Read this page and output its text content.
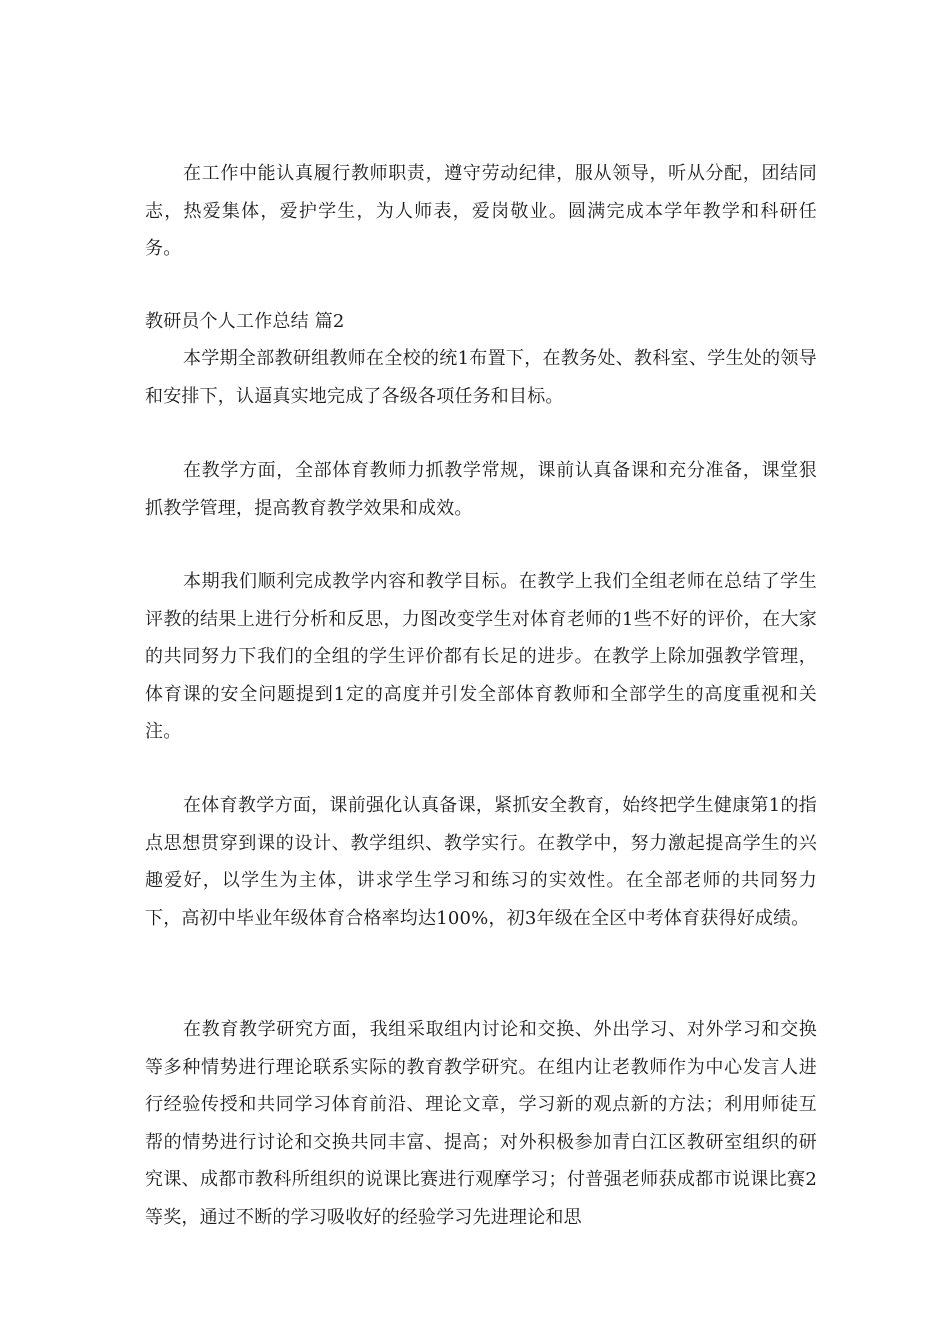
在工作中能认真履行教师职责，遵守劳动纪律，服从领导，听从分配，团结同志，热爱集体，爱护学生，为人师表，爱岗敬业。圆满完成本学年教学和科研任务。

教研员个人工作总结 篇2

本学期全部教研组教师在全校的统1布置下，在教务处、教科室、学生处的领导和安排下，认逼真实地完成了各级各项任务和目标。

在教学方面，全部体育教师力抓教学常规，课前认真备课和充分准备，课堂狠抓教学管理，提高教育教学效果和成效。

本期我们顺利完成教学内容和教学目标。在教学上我们全组老师在总结了学生评教的结果上进行分析和反思，力图改变学生对体育老师的1些不好的评价，在大家的共同努力下我们的全组的学生评价都有长足的进步。在教学上除加强教学管理，体育课的安全问题提到1定的高度并引发全部体育教师和全部学生的高度重视和关注。

在体育教学方面，课前强化认真备课，紧抓安全教育，始终把学生健康第1的指点思想贯穿到课的设计、教学组织、教学实行。在教学中，努力激起提高学生的兴趣爱好，以学生为主体，讲求学生学习和练习的实效性。在全部老师的共同努力下，高初中毕业年级体育合格率均达100%，初3年级在全区中考体育获得好成绩。

在教育教学研究方面，我组采取组内讨论和交换、外出学习、对外学习和交换等多种情势进行理论联系实际的教育教学研究。在组内让老教师作为中心发言人进行经验传授和共同学习体育前沿、理论文章，学习新的观点新的方法；利用师徒互帮的情势进行讨论和交换共同丰富、提高；对外积极参加青白江区教研室组织的研究课、成都市教科所组织的说课比赛进行观摩学习；付普强老师获成都市说课比赛2等奖，通过不断的学习吸收好的经验学习先进理论和思
